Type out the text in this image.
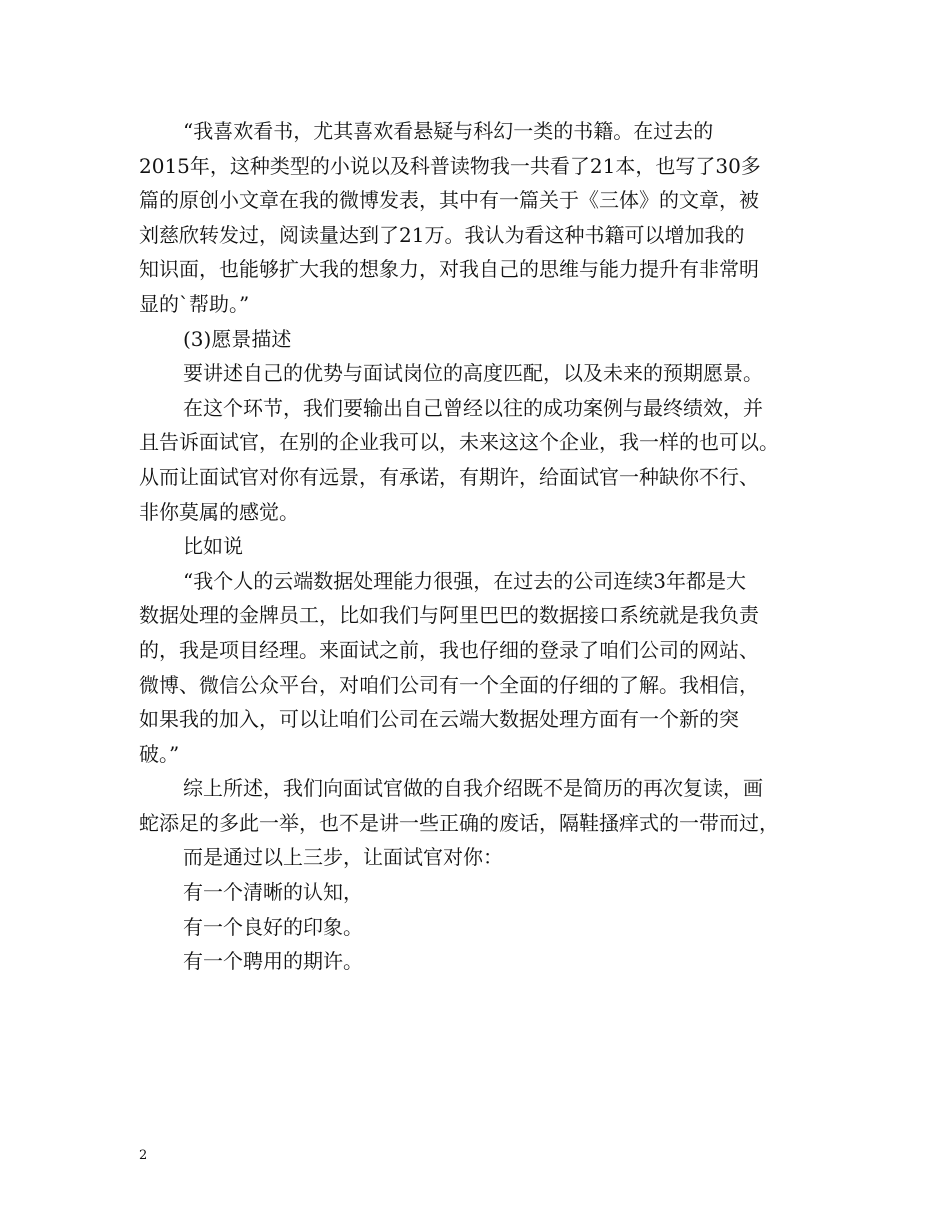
“我喜欢看书，尤其喜欢看悬疑与科幻一类的书籍。在过去的
2015年，这种类型的小说以及科普读物我一共看了21本，也写了30多
篇的原创小文章在我的微博发表，其中有一篇关于《三体》的文章，被
刘慈欣转发过，阅读量达到了21万。我认为看这种书籍可以增加我的
知识面，也能够扩大我的想象力，对我自己的思维与能力提升有非常明
显的`帮助。”
(3)愿景描述
要讲述自己的优势与面试岗位的高度匹配，以及未来的预期愿景。
在这个环节，我们要输出自己曾经以往的成功案例与最终绩效，并
且告诉面试官，在别的企业我可以，未来这这个企业，我一样的也可以。
从而让面试官对你有远景，有承诺，有期许，给面试官一种缺你不行、
非你莫属的感觉。
比如说
“我个人的云端数据处理能力很强，在过去的公司连续3年都是大
数据处理的金牌员工，比如我们与阿里巴巴的数据接口系统就是我负责
的，我是项目经理。来面试之前，我也仔细的登录了咱们公司的网站、
微博、微信公众平台，对咱们公司有一个全面的仔细的了解。我相信，
如果我的加入，可以让咱们公司在云端大数据处理方面有一个新的突
破。”
综上所述，我们向面试官做的自我介绍既不是简历的再次复读，画
蛇添足的多此一举，也不是讲一些正确的废话，隔鞋搔痒式的一带而过，
而是通过以上三步，让面试官对你：
有一个清晰的认知，
有一个良好的印象。
有一个聘用的期许。
2
